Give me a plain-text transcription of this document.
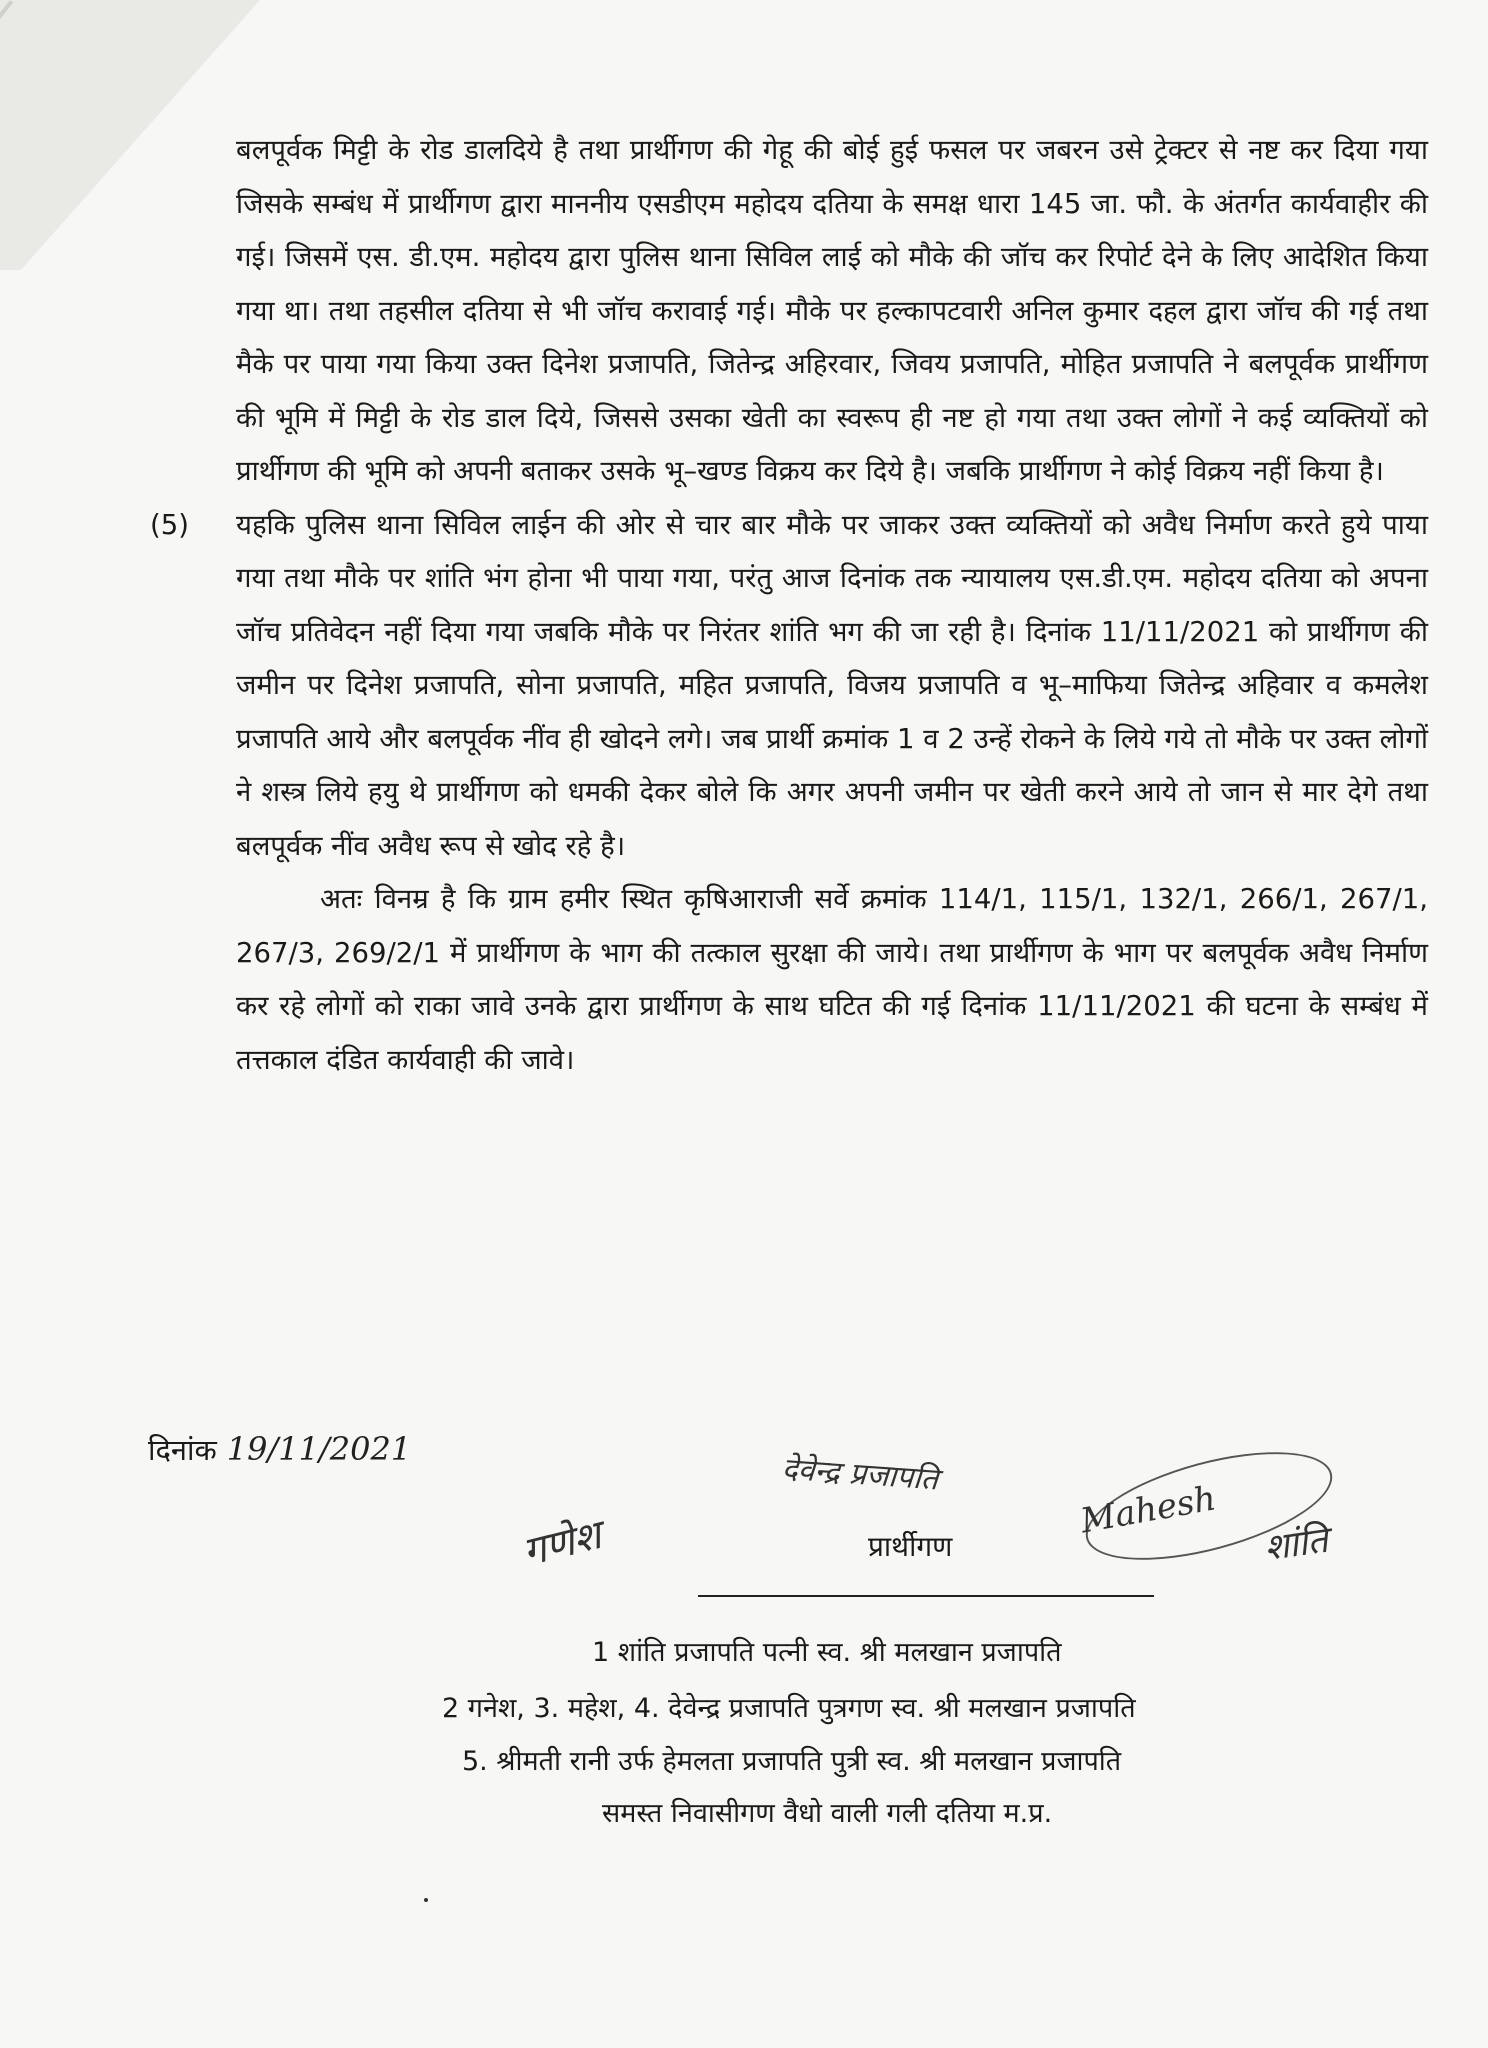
बलपूर्वक मिट्टी के रोड डालदिये है तथा प्रार्थीगण की गेहू की बोई हुई फसल पर जबरन उसे ट्रेक्टर से नष्ट कर दिया गया जिसके सम्बंध में प्रार्थीगण द्वारा माननीय एसडीएम महोदय दतिया के समक्ष धारा 145 जा. फौ. के अंतर्गत कार्यवाहीर की गई। जिसमें एस. डी.एम. महोदय द्वारा पुलिस थाना सिविल लाई को मौके की जॉच कर रिपोर्ट देने के लिए आदेशित किया गया था। तथा तहसील दतिया से भी जॉच करावाई गई। मौके पर हल्कापटवारी अनिल कुमार दहल द्वारा जॉच की गई तथा मैके पर पाया गया किया उक्त दिनेश प्रजापति, जितेन्द्र अहिरवार, जिवय प्रजापति, मोहित प्रजापति ने बलपूर्वक प्रार्थीगण की भूमि में मिट्टी के रोड डाल दिये, जिससे उसका खेती का स्वरूप ही नष्ट हो गया तथा उक्त लोगों ने कई व्यक्तियों को प्रार्थीगण की भूमि को अपनी बताकर उसके भू–खण्ड विक्रय कर दिये है। जबकि प्रार्थीगण ने कोई विक्रय नहीं किया है।

(5) यहकि पुलिस थाना सिविल लाईन की ओर से चार बार मौके पर जाकर उक्त व्यक्तियों को अवैध निर्माण करते हुये पाया गया तथा मौके पर शांति भंग होना भी पाया गया, परंतु आज दिनांक तक न्यायालय एस.डी.एम. महोदय दतिया को अपना जॉच प्रतिवेदन नहीं दिया गया जबकि मौके पर निरंतर शांति भग की जा रही है। दिनांक 11/11/2021 को प्रार्थीगण की जमीन पर दिनेश प्रजापति, सोना प्रजापति, महित प्रजापति, विजय प्रजापति व भू–माफिया जितेन्द्र अहिवार व कमलेश प्रजापति आये और बलपूर्वक नींव ही खोदने लगे। जब प्रार्थी क्रमांक 1 व 2 उन्हें रोकने के लिये गये तो मौके पर उक्त लोगों ने शस्त्र लिये हयु थे प्रार्थीगण को धमकी देकर बोले कि अगर अपनी जमीन पर खेती करने आये तो जान से मार देगे तथा बलपूर्वक नींव अवैध रूप से खोद रहे है।

अतः विनम्र है कि ग्राम हमीर स्थित कृषिआराजी सर्वे क्रमांक 114/1, 115/1, 132/1, 266/1, 267/1, 267/3, 269/2/1 में प्रार्थीगण के भाग की तत्काल सुरक्षा की जाये। तथा प्रार्थीगण के भाग पर बलपूर्वक अवैध निर्माण कर रहे लोगों को राका जावे उनके द्वारा प्रार्थीगण के साथ घटित की गई दिनांक 11/11/2021 की घटना के सम्बंध में तत्तकाल दंडित कार्यवाही की जावे।

दिनांक 19/11/2021
गणेश
देवेन्द्र प्रजापति
Mahesh
शांति
प्रार्थीगण
1 शांति प्रजापति पत्नी स्व. श्री मलखान प्रजापति
2 गनेश, 3. महेश, 4. देवेन्द्र प्रजापति पुत्रगण स्व. श्री मलखान प्रजापति
5. श्रीमती रानी उर्फ हेमलता प्रजापति पुत्री स्व. श्री मलखान प्रजापति
समस्त निवासीगण वैधो वाली गली दतिया म.प्र.
